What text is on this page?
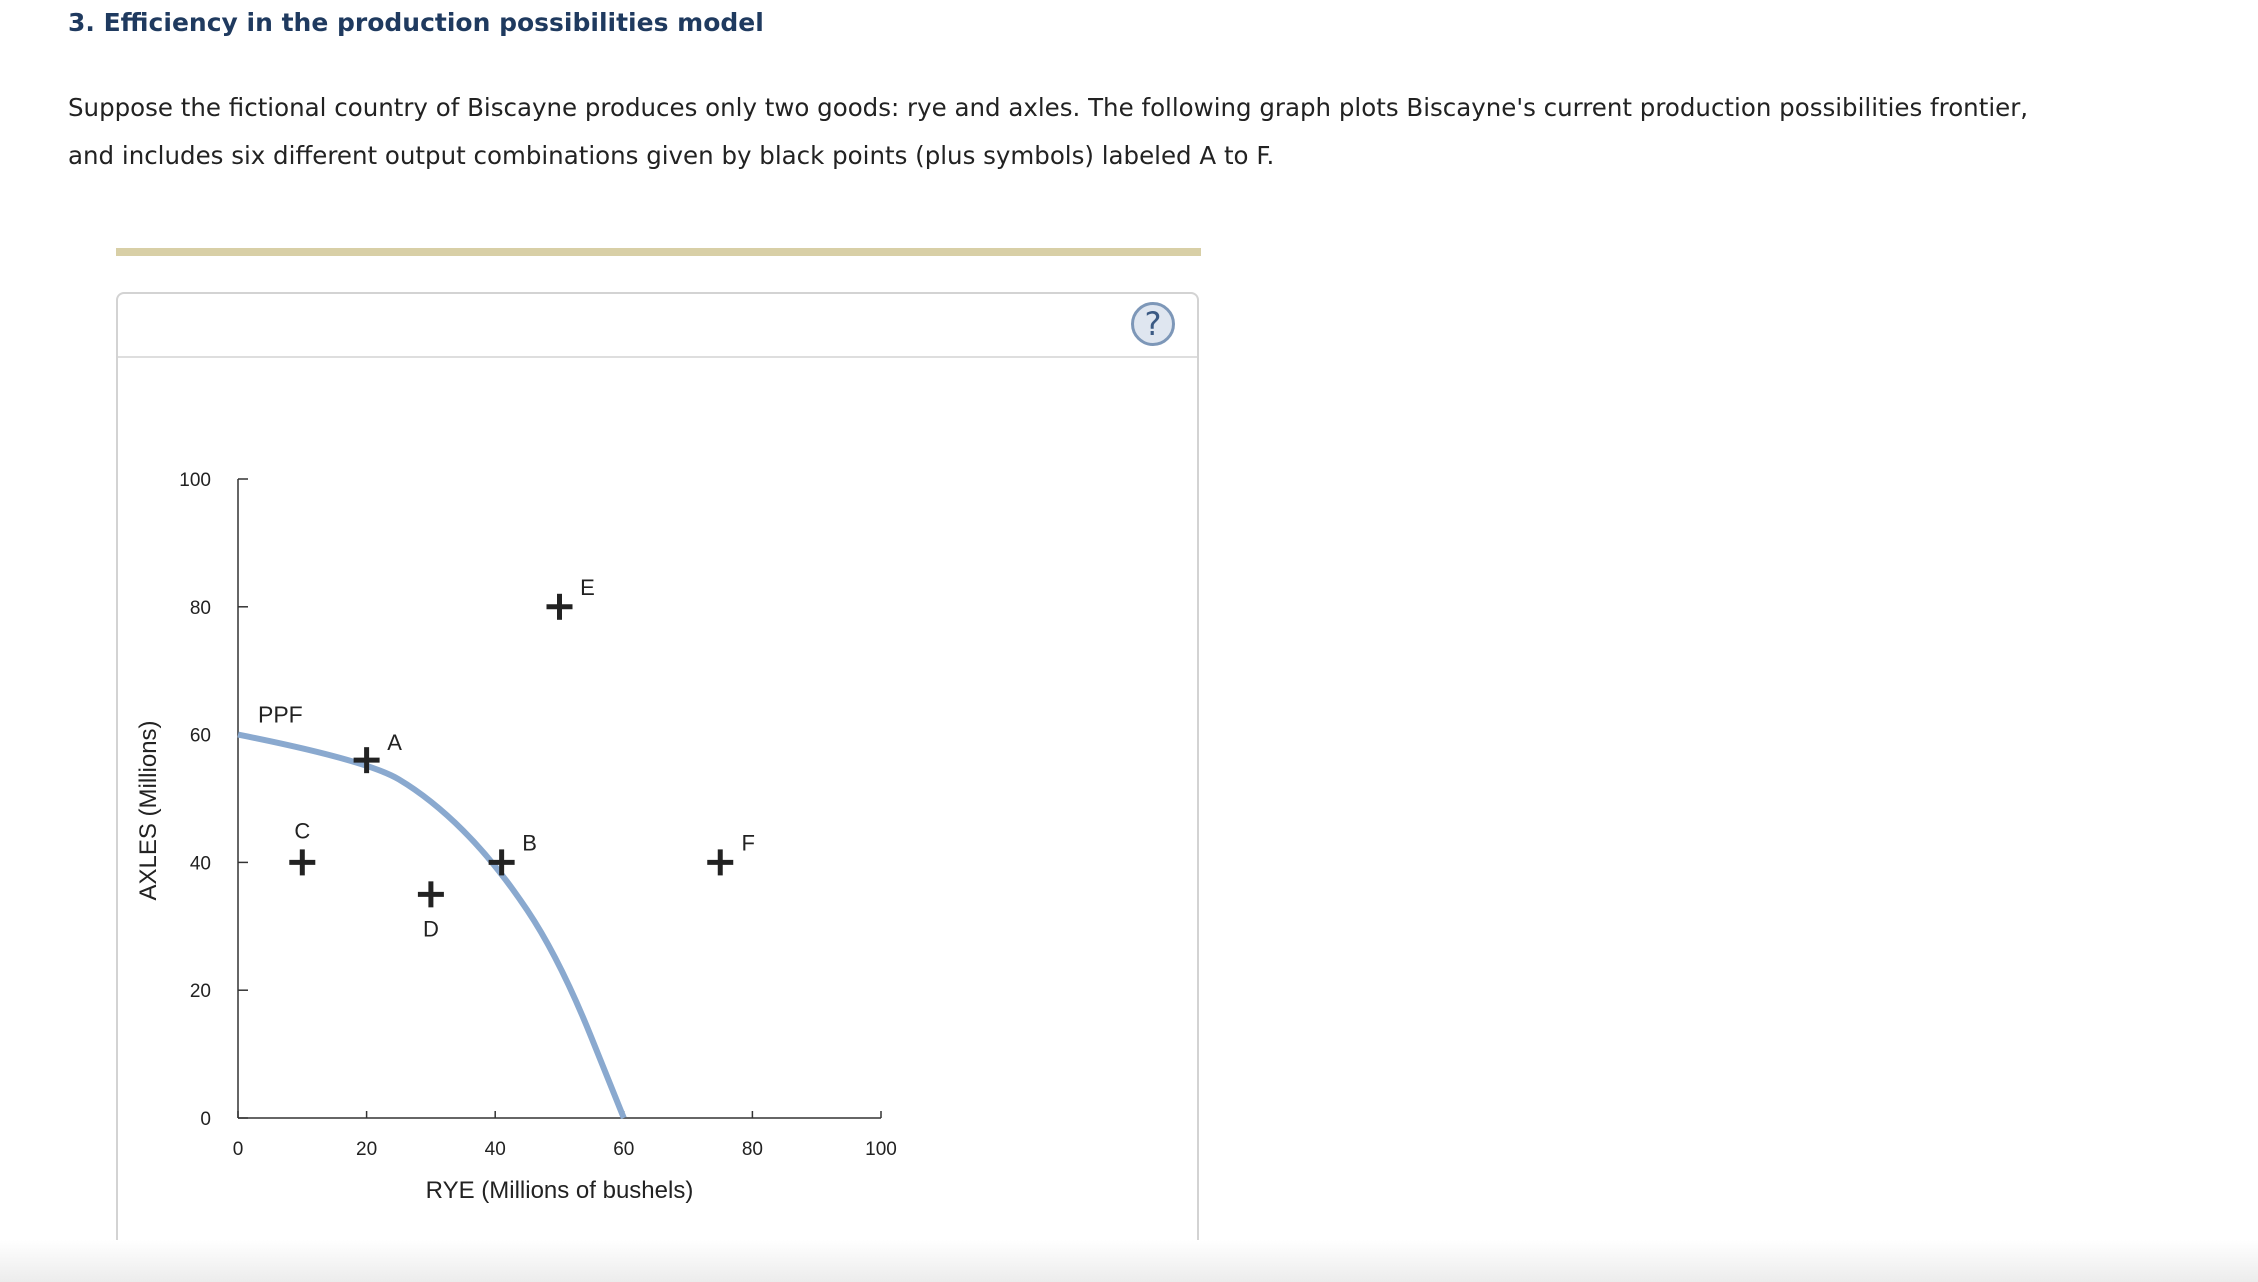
3. Efficiency in the production possibilities model
Suppose the fictional country of Biscayne produces only two goods: rye and axles. The following graph plots Biscayne's current production possibilities frontier, and includes six different output combinations given by black points (plus symbols) labeled A to F.
?
0	20	40	60	80	100
0
20
40
60
80
100
PPF
A
B
C
D
E
F
RYE (Millions of bushels)
AXLES (Millions)
